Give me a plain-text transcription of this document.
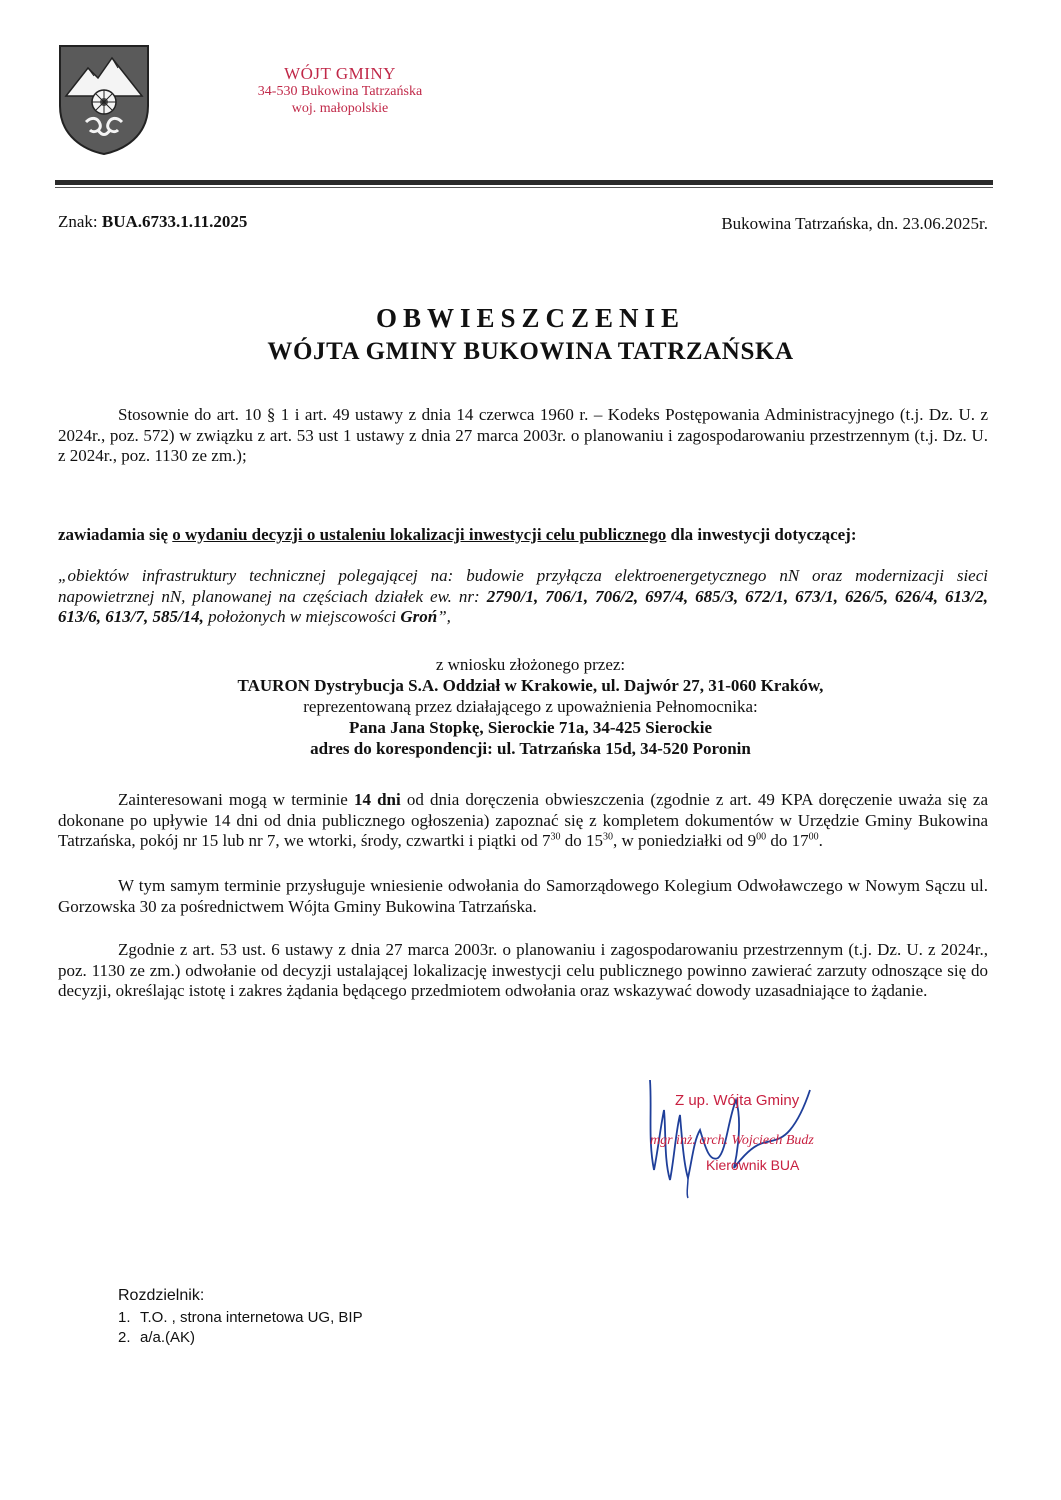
WÓJT GMINY
34-530 Bukowina Tatrzańska
woj. małopolskie
Znak: BUA.6733.1.11.2025	Bukowina Tatrzańska, dn. 23.06.2025r.
OBWIESZCZENIE
WÓJTA GMINY BUKOWINA TATRZAŃSKA
Stosownie do art. 10 § 1 i art. 49 ustawy z dnia 14 czerwca 1960 r. – Kodeks Postępowania Administracyjnego (t.j. Dz. U. z 2024r., poz. 572) w związku z art. 53 ust 1 ustawy z dnia 27 marca 2003r. o planowaniu i zagospodarowaniu przestrzennym (t.j. Dz. U. z 2024r., poz. 1130 ze zm.);
zawiadamia się o wydaniu decyzji o ustaleniu lokalizacji inwestycji celu publicznego dla inwestycji dotyczącej:
„obiektów infrastruktury technicznej polegającej na: budowie przyłącza elektroenergetycznego nN oraz modernizacji sieci napowietrznej nN, planowanej na częściach działek ew. nr: 2790/1, 706/1, 706/2, 697/4, 685/3, 672/1, 673/1, 626/5, 626/4, 613/2, 613/6, 613/7, 585/14, położonych w miejscowości Groń”,
z wniosku złożonego przez:
TAURON Dystrybucja S.A. Oddział w Krakowie, ul. Dajwór 27, 31-060 Kraków,
reprezentowaną przez działającego z upoważnienia Pełnomocnika:
Pana Jana Stopkę, Sierockie 71a, 34-425 Sierockie
adres do korespondencji: ul. Tatrzańska 15d, 34-520 Poronin
Zainteresowani mogą w terminie 14 dni od dnia doręczenia obwieszczenia (zgodnie z art. 49 KPA doręczenie uważa się za dokonane po upływie 14 dni od dnia publicznego ogłoszenia) zapoznać się z kompletem dokumentów w Urzędzie Gminy Bukowina Tatrzańska, pokój nr 15 lub nr 7, we wtorki, środy, czwartki i piątki od $7^{30}$ do $15^{30}$, w poniedziałki od $9^{00}$ do $17^{00}$.
W tym samym terminie przysługuje wniesienie odwołania do Samorządowego Kolegium Odwoławczego w Nowym Sączu ul. Gorzowska 30 za pośrednictwem Wójta Gminy Bukowina Tatrzańska.
Zgodnie z art. 53 ust. 6 ustawy z dnia 27 marca 2003r. o planowaniu i zagospodarowaniu przestrzennym (t.j. Dz. U. z 2024r., poz. 1130 ze zm.) odwołanie od decyzji ustalającej lokalizację inwestycji celu publicznego powinno zawierać zarzuty odnoszące się do decyzji, określając istotę i zakres żądania będącego przedmiotem odwołania oraz wskazywać dowody uzasadniające to żądanie.
Z up. Wójta Gminy
mgr inż. arch. Wojciech Budz
Kierownik BUA
Rozdzielnik:
1. T.O. , strona internetowa UG, BIP
2. a/a.(AK)
